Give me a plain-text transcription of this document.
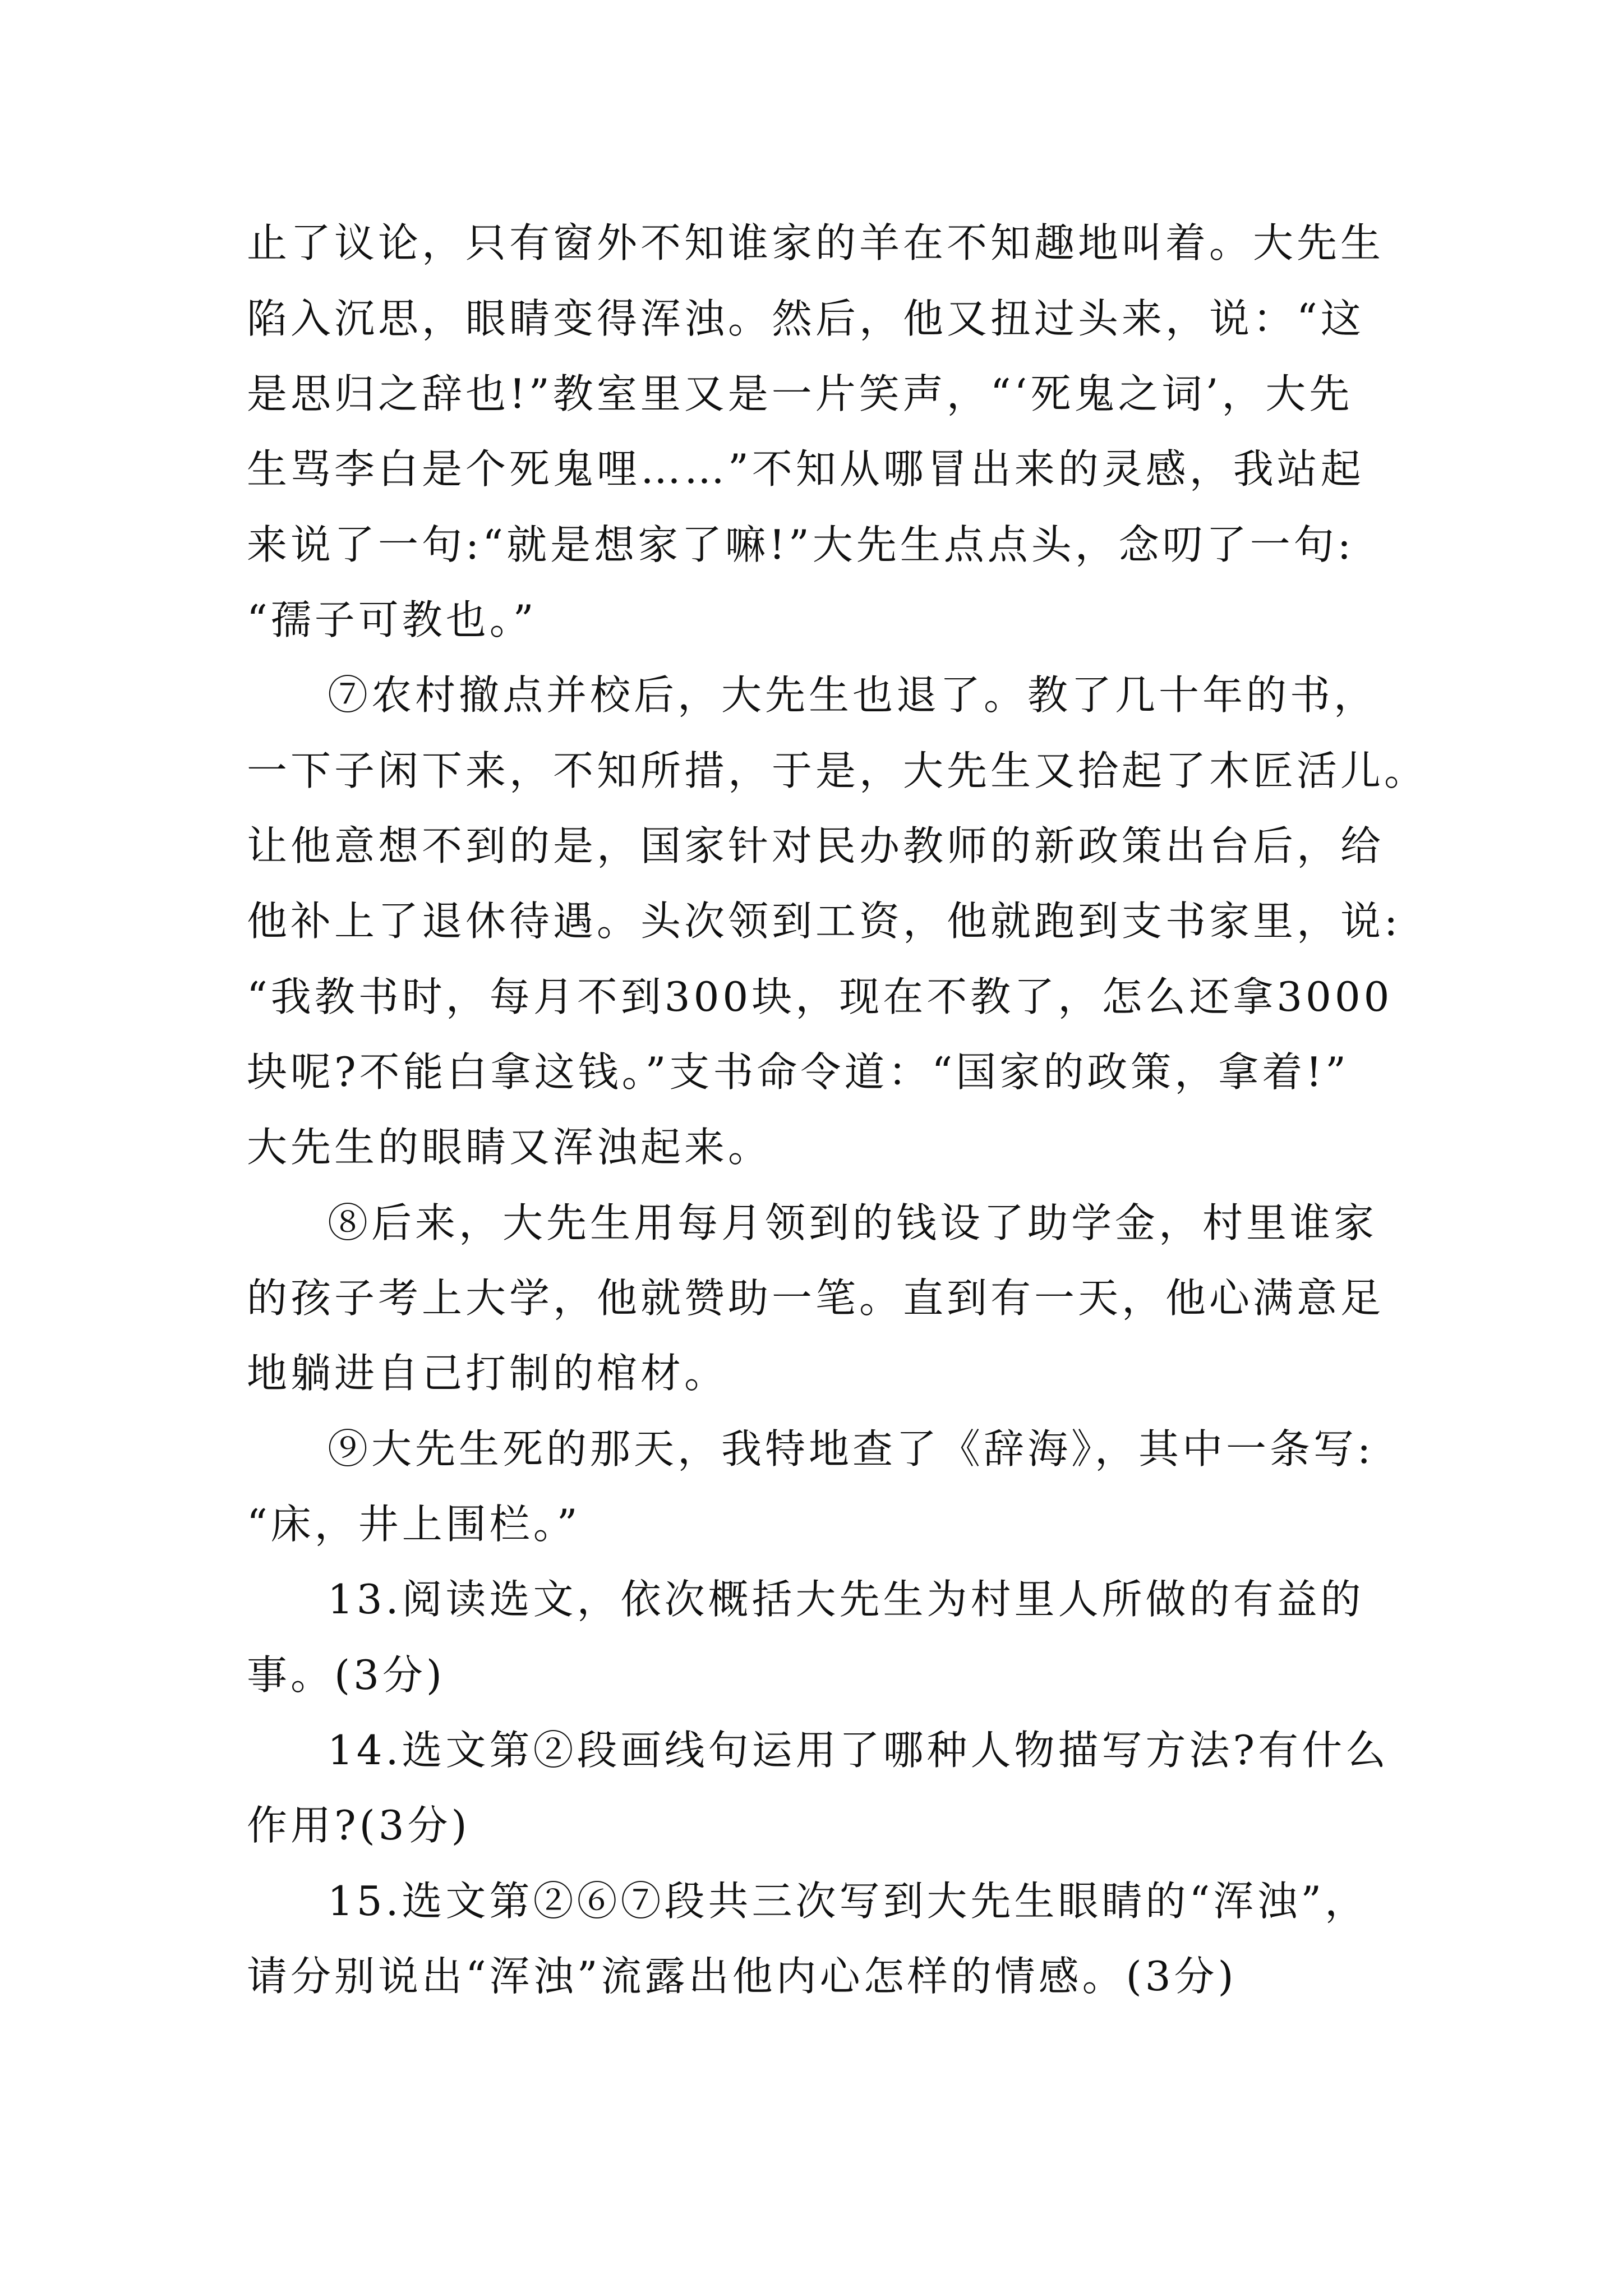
止了议论，只有窗外不知谁家的羊在不知趣地叫着。大先生
陷入沉思，眼睛变得浑浊。然后，他又扭过头来，说：“这
是思归之辞也!”教室里又是一片笑声，“‘死鬼之词’，大先
生骂李白是个死鬼哩……”不知从哪冒出来的灵感，我站起
来说了一句:“就是想家了嘛!”大先生点点头，念叨了一句:
“孺子可教也。”
⑦农村撤点并校后，大先生也退了。教了几十年的书，
一下子闲下来，不知所措，于是，大先生又拾起了木匠活儿。
让他意想不到的是，国家针对民办教师的新政策出台后，给
他补上了退休待遇。头次领到工资，他就跑到支书家里，说:
“我教书时，每月不到300块，现在不教了，怎么还拿3000
块呢?不能白拿这钱。”支书命令道：“国家的政策，拿着!”
大先生的眼睛又浑浊起来。
⑧后来，大先生用每月领到的钱设了助学金，村里谁家
的孩子考上大学，他就赞助一笔。直到有一天，他心满意足
地躺进自己打制的棺材。
⑨大先生死的那天，我特地查了《辞海》，其中一条写:
“床，井上围栏。”
13.阅读选文，依次概括大先生为村里人所做的有益的
事。(3分)
14.选文第②段画线句运用了哪种人物描写方法?有什么
作用?(3分)
15.选文第②⑥⑦段共三次写到大先生眼睛的“浑浊”，
请分别说出“浑浊”流露出他内心怎样的情感。(3分)
